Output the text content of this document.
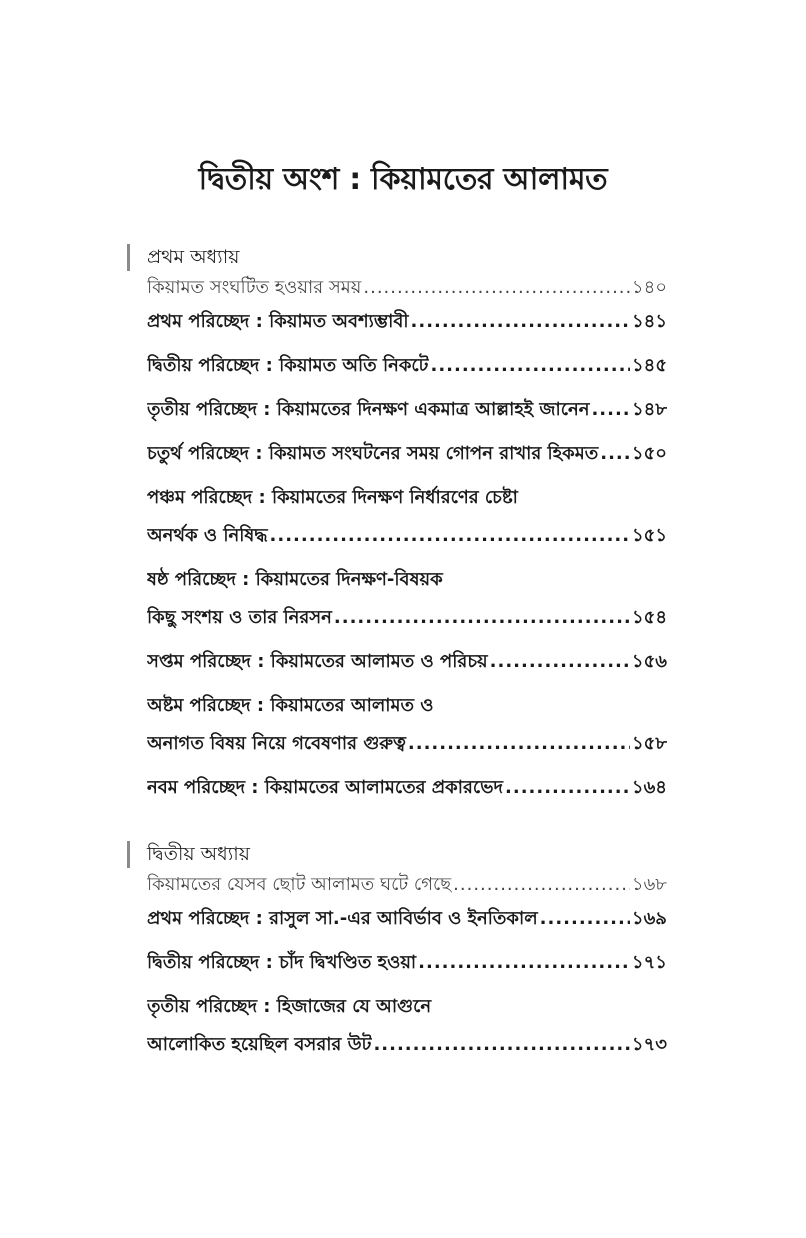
দ্বিতীয় অংশ : কিয়ামতের আলামত
প্রথম অধ্যায়
কিয়ামত সংঘটিত হওয়ার সময় .....	১৪০
প্রথম পরিচ্ছেদ : কিয়ামত অবশ্যম্ভাবী .....	১৪১
দ্বিতীয় পরিচ্ছেদ : কিয়ামত অতি নিকটে .....	১৪৫
তৃতীয় পরিচ্ছেদ : কিয়ামতের দিনক্ষণ একমাত্র আল্লাহই জানেন ..... ১৪৮
চতুর্থ পরিচ্ছেদ : কিয়ামত সংঘটনের সময় গোপন রাখার হিকমত ..... ১৫০
পঞ্চম পরিচ্ছেদ : কিয়ামতের দিনক্ষণ নির্ধারণের চেষ্টা
অনর্থক ও নিষিদ্ধ .....	১৫১
ষষ্ঠ পরিচ্ছেদ : কিয়ামতের দিনক্ষণ-বিষয়ক
কিছু সংশয় ও তার নিরসন .....	১৫৪
সপ্তম পরিচ্ছেদ : কিয়ামতের আলামত ও পরিচয় .....	১৫৬
অষ্টম পরিচ্ছেদ : কিয়ামতের আলামত ও
অনাগত বিষয় নিয়ে গবেষণার গুরুত্ব .....	১৫৮
নবম পরিচ্ছেদ : কিয়ামতের আলামতের প্রকারভেদ .....	১৬৪
দ্বিতীয় অধ্যায়
কিয়ামতের যেসব ছোট আলামত ঘটে গেছে .....	১৬৮
প্রথম পরিচ্ছেদ : রাসুল সা.-এর আবির্ভাব ও ইনতিকাল .....	১৬৯
দ্বিতীয় পরিচ্ছেদ : চাঁদ দ্বিখণ্ডিত হওয়া .....	১৭১
তৃতীয় পরিচ্ছেদ : হিজাজের যে আগুনে
আলোকিত হয়েছিল বসরার উট .....	১৭৩
